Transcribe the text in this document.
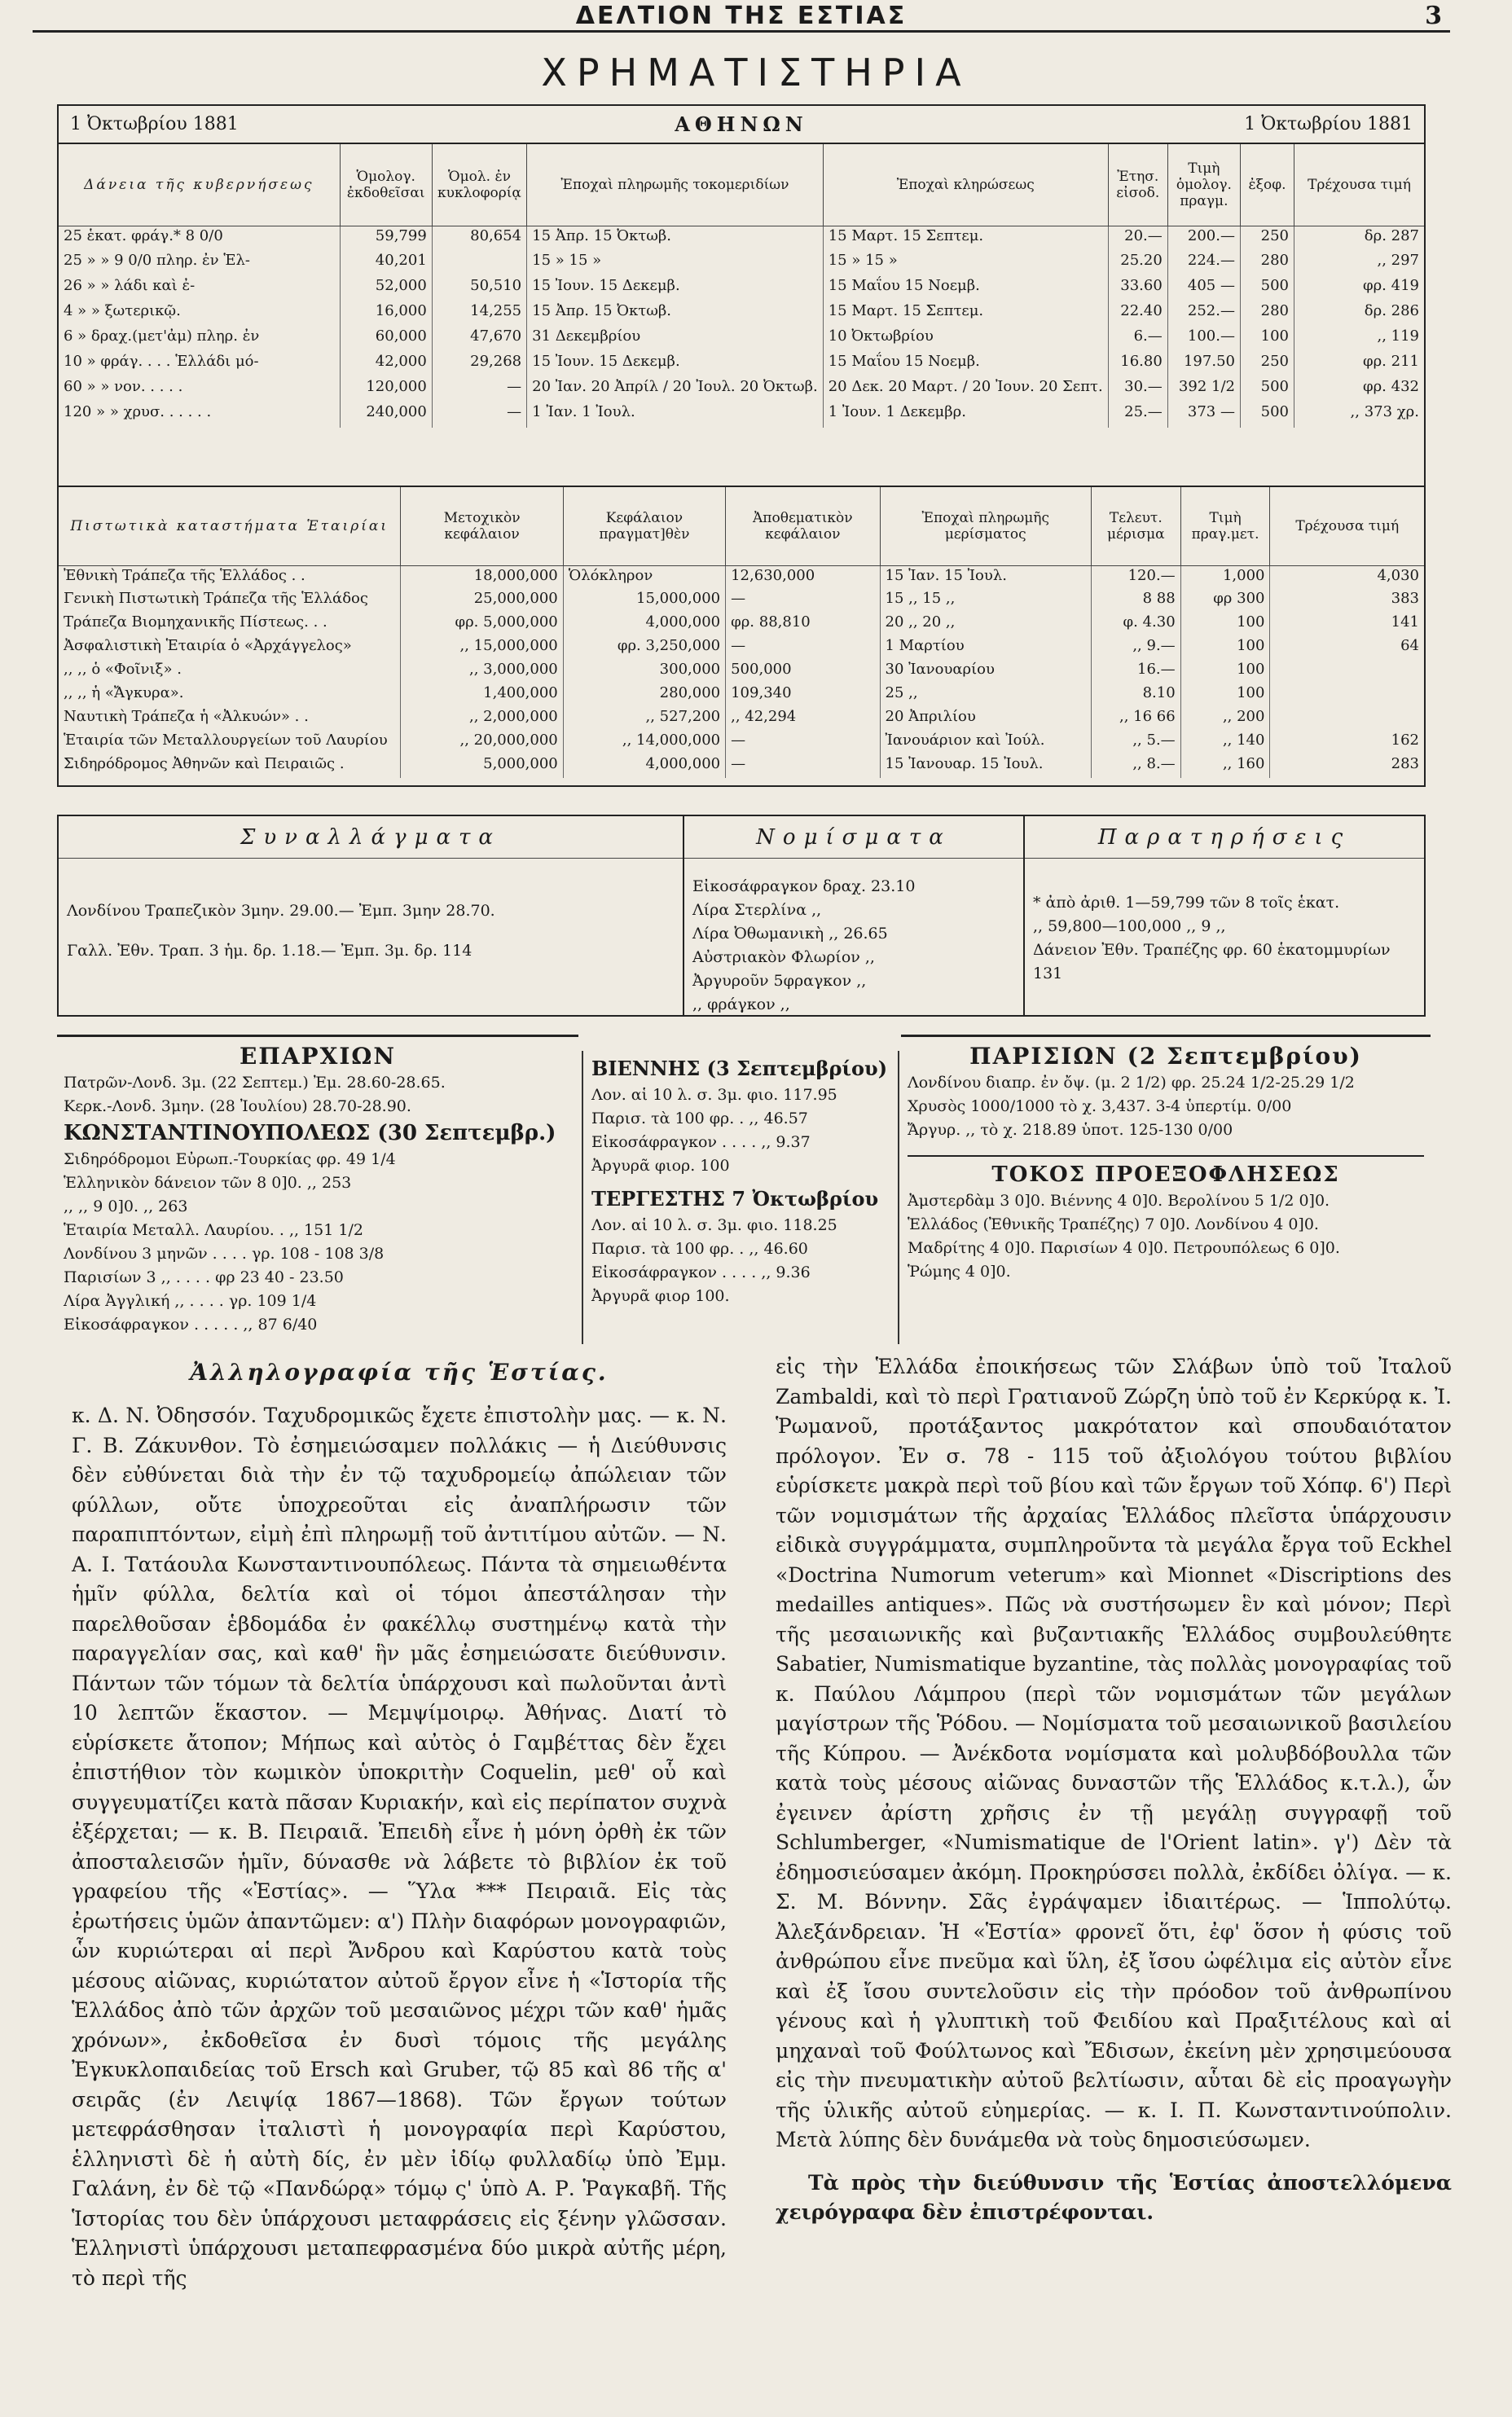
ΔΕΛΤΙΟΝ ΤΗΣ ΕΣΤΙΑΣ	3
ΧΡΗΜΑΤΙΣΤΗΡΙΑ
1 Ὀκτωβρίου 1881	ΑΘΗΝΩΝ	1 Ὀκτωβρίου 1881
Δάνεια τῆς κυβερνήσεως	Ὁμολογ. ἐκδοθεῖσαι	Ὁμολ. ἐν κυκλοφορίᾳ	Ἐποχαὶ πληρωμῆς τοκομεριδίων	Ἐποχαὶ κληρώσεως	Ἐτησ. εἰσοδ.	Τιμὴ ὁμολογ. πραγμ.	ἐξοφ.	Τρέχουσα τιμή
25 ἑκατ. φράγ.* 8 0/0	59,799	80,654	15 Ἀπρ. 15 Ὀκτωβ.	15 Μαρτ. 15 Σεπτεμ.	20.—	200.—	250	δρ. 287
25 » » 9 0/0 πληρ. ἐν Ἑλ-	40,201		15 » 15 »	15 » 15 »	25.20	224.—	280	,, 297
26 » » λάδι καὶ ἐ-	52,000	50,510	15 Ἰουν. 15 Δεκεμβ.	15 Μαΐου 15 Νοεμβ.	33.60	405 —	500	φρ. 419
4 » » ξωτερικῷ.	16,000	14,255	15 Ἀπρ. 15 Ὀκτωβ.	15 Μαρτ. 15 Σεπτεμ.	22.40	252.—	280	δρ. 286
6 » δραχ.(μετ'ἀμ) πληρ. ἐν	60,000	47,670	31 Δεκεμβρίου	10 Ὀκτωβρίου	6.—	100.—	100	,, 119
10 » φράγ. . . . Ἑλλάδι μό-	42,000	29,268	15 Ἰουν. 15 Δεκεμβ.	15 Μαΐου 15 Νοεμβ.	16.80	197.50	250	φρ. 211
60 » » νον. . . . .	120,000	—	20 Ἰαν. 20 Ἀπρίλ / 20 Ἰουλ. 20 Ὀκτωβ.	20 Δεκ. 20 Μαρτ. / 20 Ἰουν. 20 Σεπτ.	30.—	392 1/2	500	φρ. 432
120 » » χρυσ. . . . . .	240,000	—	1 Ἰαν. 1 Ἰουλ.	1 Ἰουν. 1 Δεκεμβρ.	25.—	373 —	500	,, 373 χρ.
Πιστωτικὰ καταστήματα Ἑταιρίαι	Μετοχικὸν κεφάλαιον	Κεφάλαιον πραγματ]θὲν	Ἀποθεματικὸν κεφάλαιον	Ἐποχαὶ πληρωμῆς μερίσματος	Τελευτ. μέρισμα	Τιμὴ πραγ.μετ.	Τρέχουσα τιμή
Ἐθνικὴ Τράπεζα τῆς Ἑλλάδος . .	18,000,000	Ὁλόκληρον	12,630,000	15 Ἰαν. 15 Ἰουλ.	120.—	1,000	4,030
Γενικὴ Πιστωτικὴ Τράπεζα τῆς Ἑλλάδος	25,000,000	15,000,000	—	15 ,, 15 ,,	8 88	φρ 300	383
Τράπεζα Βιομηχανικῆς Πίστεως. . .	φρ. 5,000,000	4,000,000	φρ. 88,810	20 ,, 20 ,,	φ. 4.30	100	141
Ἀσφαλιστικὴ Ἑταιρία ὁ «Ἀρχάγγελος»	,, 15,000,000	φρ. 3,250,000	—	1 Μαρτίου	,, 9.—	100	64
,, ,, ὁ «Φοῖνιξ» .	,, 3,000,000	300,000	500,000	30 Ἰανουαρίου	16.—	100	
,, ,, ἡ «Ἄγκυρα».	1,400,000	280,000	109,340	25 ,,	8.10	100	
Ναυτικὴ Τράπεζα ἡ «Ἀλκυών» . .	,, 2,000,000	,, 527,200	,, 42,294	20 Ἀπριλίου	,, 16 66	,, 200	
Ἑταιρία τῶν Μεταλλουργείων τοῦ Λαυρίου	,, 20,000,000	,, 14,000,000	—	Ἰανουάριον καὶ Ἰούλ.	,, 5.—	,, 140	162
Σιδηρόδρομος Ἀθηνῶν καὶ Πειραιῶς .	5,000,000	4,000,000	—	15 Ἰανουαρ. 15 Ἰουλ.	,, 8.—	,, 160	283
Συναλλάγματα
Λονδίνου Τραπεζικὸν 3μην. 29.00.— Ἐμπ. 3μην 28.70.
Γαλλ. Ἐθν. Τραπ. 3 ἡμ. δρ. 1.18.— Ἐμπ. 3μ. δρ. 114
Νομίσματα
Εἰκοσάφραγκον δραχ. 23.10
Λίρα Στερλίνα ,,
Λίρα Ὀθωμανικὴ ,, 26.65
Αὐστριακὸν Φλωρίον ,,
Ἀργυροῦν 5φραγκον ,,
,, φράγκον ,,
Παρατηρήσεις
* ἀπὸ ἀριθ. 1—59,799 τῶν 8 τοῖς ἑκατ.
,, 59,800—100,000 ,, 9 ,,
Δάνειον Ἐθν. Τραπέζης φρ. 60 ἑκατομμυρίων
131
ΕΠΑΡΧΙΩΝ
Πατρῶν-Λονδ. 3μ. (22 Σεπτεμ.) Ἐμ. 28.60-28.65.
Κερκ.-Λονδ. 3μην. (28 Ἰουλίου) 28.70-28.90.
ΚΩΝΣΤΑΝΤΙΝΟΥΠΟΛΕΩΣ (30 Σεπτεμβρ.)
Σιδηρόδρομοι Εὐρωπ.-Τουρκίας φρ. 49 1/4
Ἑλληνικὸν δάνειον τῶν 8 0]0. ,, 253
,, ,, 9 0]0. ,, 263
Ἑταιρία Μεταλλ. Λαυρίου. . ,, 151 1/2
Λονδίνου 3 μηνῶν . . . . γρ. 108 - 108 3/8
Παρισίων 3 ,, . . . . φρ 23 40 - 23.50
Λίρα Ἀγγλική ,, . . . . γρ. 109 1/4
Εἰκοσάφραγκον . . . . . ,, 87 6/40
ΒΙΕΝΝΗΣ (3 Σεπτεμβρίου)
Λον. αἱ 10 λ. σ. 3μ. φιο. 117.95
Παρισ. τὰ 100 φρ. . ,, 46.57
Εἰκοσάφραγκον . . . . ,, 9.37
Ἀργυρᾶ φιορ. 100
ΤΕΡΓΕΣΤΗΣ 7 Ὀκτωβρίου
Λον. αἱ 10 λ. σ. 3μ. φιο. 118.25
Παρισ. τὰ 100 φρ. . ,, 46.60
Εἰκοσάφραγκον . . . . ,, 9.36
Ἀργυρᾶ φιορ 100.
ΠΑΡΙΣΙΩΝ (2 Σεπτεμβρίου)
Λονδίνου διαπρ. ἐν ὄψ. (μ. 2 1/2) φρ. 25.24 1/2-25.29 1/2
Χρυσὸς 1000/1000 τὸ χ. 3,437. 3-4 ὑπερτίμ. 0/00
Ἄργυρ. ,, τὸ χ. 218.89 ὑποτ. 125-130 0/00
ΤΟΚΟΣ ΠΡΟΕΞΟΦΛΗΣΕΩΣ
Ἀμστερδὰμ 3 0]0. Βιέννης 4 0]0. Βερολίνου 5 1/2 0]0.
Ἑλλάδος (Ἐθνικῆς Τραπέζης) 7 0]0. Λονδίνου 4 0]0.
Μαδρίτης 4 0]0. Παρισίων 4 0]0. Πετρουπόλεως 6 0]0.
Ῥώμης 4 0]0.
Ἀλληλογραφία τῆς Ἑστίας.

κ. Δ. Ν. Ὀδησσόν. Ταχυδρομικῶς ἔχετε ἐπιστολὴν μας. — κ. Ν. Γ. Β. Ζάκυνθον. Τὸ ἐσημειώσαμεν πολλάκις — ἡ Διεύθυνσις δὲν εὐθύνεται διὰ τὴν ἐν τῷ ταχυδρομείῳ ἀπώλειαν τῶν φύλλων, οὔτε ὑποχρεοῦται εἰς ἀναπλήρωσιν τῶν παραπιπτόντων, εἰμὴ ἐπὶ πληρωμῇ τοῦ ἀντιτίμου αὐτῶν. — Ν. Α. Ι. Τατάουλα Κωνσταντινουπόλεως. Πάντα τὰ σημειωθέντα ἡμῖν φύλλα, δελτία καὶ οἱ τόμοι ἀπεστάλησαν τὴν παρελθοῦσαν ἑβδομάδα ἐν φακέλλῳ συστημένῳ κατὰ τὴν παραγγελίαν σας, καὶ καθ' ἣν μᾶς ἐσημειώσατε διεύθυνσιν. Πάντων τῶν τόμων τὰ δελτία ὑπάρχουσι καὶ πωλοῦνται ἀντὶ 10 λεπτῶν ἕκαστον. — Μεμψίμοιρῳ. Ἀθήνας. Διατί τὸ εὑρίσκετε ἄτοπον; Μήπως καὶ αὐτὸς ὁ Γαμβέττας δὲν ἔχει ἐπιστήθιον τὸν κωμικὸν ὑποκριτὴν Coquelin, μεθ' οὗ καὶ συγγευματίζει κατὰ πᾶσαν Κυριακήν, καὶ εἰς περίπατον συχνὰ ἐξέρχεται; — κ. Β. Πειραιᾶ. Ἐπειδὴ εἶνε ἡ μόνη ὀρθὴ ἐκ τῶν ἀποσταλεισῶν ἡμῖν, δύνασθε νὰ λάβετε τὸ βιβλίον ἐκ τοῦ γραφείου τῆς «Ἑστίας». — Ὕλα *** Πειραιᾶ. Εἰς τὰς ἐρωτήσεις ὑμῶν ἀπαντῶμεν: α') Πλὴν διαφόρων μονογραφιῶν, ὧν κυριώτεραι αἱ περὶ Ἄνδρου καὶ Καρύστου κατὰ τοὺς μέσους αἰῶνας, κυριώτατον αὐτοῦ ἔργον εἶνε ἡ «Ἱστορία τῆς Ἑλλάδος ἀπὸ τῶν ἀρχῶν τοῦ μεσαιῶνος μέχρι τῶν καθ' ἡμᾶς χρόνων», ἐκδοθεῖσα ἐν δυσὶ τόμοις τῆς μεγάλης Ἐγκυκλοπαιδείας τοῦ Ersch καὶ Gruber, τῷ 85 καὶ 86 τῆς α' σειρᾶς (ἐν Λειψίᾳ 1867—1868). Τῶν ἔργων τούτων μετεφράσθησαν ἰταλιστὶ ἡ μονογραφία περὶ Καρύστου, ἑλληνιστὶ δὲ ἡ αὐτὴ δίς, ἐν μὲν ἰδίῳ φυλλαδίῳ ὑπὸ Ἐμμ. Γαλάνη, ἐν δὲ τῷ «Πανδώρᾳ» τόμῳ ς' ὑπὸ Α. Ρ. Ῥαγκαβῆ. Τῆς Ἱστορίας του δὲν ὑπάρχουσι μεταφράσεις εἰς ξένην γλῶσσαν. Ἑλληνιστὶ ὑπάρχουσι μεταπεφρασμένα δύο μικρὰ αὐτῆς μέρη, τὸ περὶ τῆς

εἰς τὴν Ἑλλάδα ἐποικήσεως τῶν Σλάβων ὑπὸ τοῦ Ἰταλοῦ Zambaldi, καὶ τὸ περὶ Γρατιανοῦ Ζώρζη ὑπὸ τοῦ ἐν Κερκύρᾳ κ. Ἰ. Ῥωμανοῦ, προτάξαντος μακρότατον καὶ σπουδαιότατον πρόλογον. Ἐν σ. 78 - 115 τοῦ ἀξιολόγου τούτου βιβλίου εὑρίσκετε μακρὰ περὶ τοῦ βίου καὶ τῶν ἔργων τοῦ Χόπφ. 6') Περὶ τῶν νομισμάτων τῆς ἀρχαίας Ἑλλάδος πλεῖστα ὑπάρχουσιν εἰδικὰ συγγράμματα, συμπληροῦντα τὰ μεγάλα ἔργα τοῦ Eckhel «Doctrina Numorum veterum» καὶ Mionnet «Discriptions des medailles antiques». Πῶς νὰ συστήσωμεν ἓν καὶ μόνον; Περὶ τῆς μεσαιωνικῆς καὶ βυζαντιακῆς Ἑλλάδος συμβουλεύθητε Sabatier, Numismatique byzantine, τὰς πολλὰς μονογραφίας τοῦ κ. Παύλου Λάμπρου (περὶ τῶν νομισμάτων τῶν μεγάλων μαγίστρων τῆς Ῥόδου. — Νομίσματα τοῦ μεσαιωνικοῦ βασιλείου τῆς Κύπρου. — Ἀνέκδοτα νομίσματα καὶ μολυβδόβουλλα τῶν κατὰ τοὺς μέσους αἰῶνας δυναστῶν τῆς Ἑλλάδος κ.τ.λ.), ὧν ἐγεινεν ἀρίστη χρῆσις ἐν τῇ μεγάλῃ συγγραφῇ τοῦ Schlumberger, «Numismatique de l'Orient latin». γ') Δὲν τὰ ἐδημοσιεύσαμεν ἀκόμη. Προκηρύσσει πολλὰ, ἐκδίδει ὀλίγα. — κ. Σ. Μ. Βόννην. Σᾶς ἐγράψαμεν ἰδιαιτέρως. — Ἱππολύτῳ. Ἀλεξάνδρειαν. Ἡ «Ἑστία» φρονεῖ ὅτι, ἐφ' ὅσον ἡ φύσις τοῦ ἀνθρώπου εἶνε πνεῦμα καὶ ὕλη, ἐξ ἴσου ὠφέλιμα εἰς αὐτὸν εἶνε καὶ ἐξ ἴσου συντελοῦσιν εἰς τὴν πρόοδον τοῦ ἀνθρωπίνου γένους καὶ ἡ γλυπτικὴ τοῦ Φειδίου καὶ Πραξιτέλους καὶ αἱ μηχαναὶ τοῦ Φούλτωνος καὶ Ἔδισων, ἐκείνη μὲν χρησιμεύουσα εἰς τὴν πνευματικὴν αὐτοῦ βελτίωσιν, αὗται δὲ εἰς προαγωγὴν τῆς ὑλικῆς αὐτοῦ εὐημερίας. — κ. Ι. Π. Κωνσταντινούπολιν. Μετὰ λύπης δὲν δυνάμεθα νὰ τοὺς δημοσιεύσωμεν.

Τὰ πρὸς τὴν διεύθυνσιν τῆς Ἑστίας ἀποστελλόμενα χειρόγραφα δὲν ἐπιστρέφονται.
